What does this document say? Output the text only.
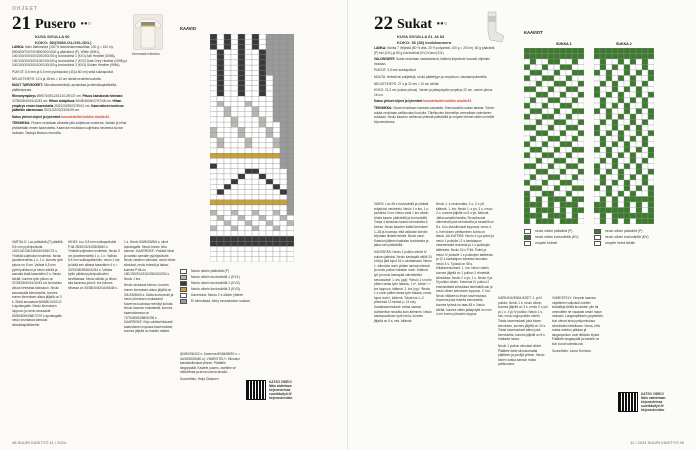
OHJEET
21 Pusero ●●○
KUVA SIVULLA 60
KOKO: 80/(S/M/L/XL/2XL/3XL)
Normaali mitoitus

LANKA: Istex Álafosslopi (100 % islanninlammasvillaa, 100 g = 100 m): 500/600/700/700/800/900/1000 g päävärinä (P), White (0051), 100/100/100/100/200/200/200 g kuviovärinä 1 (KV1) Ash Heather (0056), 100/100/100/100/100/100/100 g kuviovärinä 2 (KV2) Dark Grey Heather (0058) ja 100/100/100/100/100/100/100 g kuviovärinä 3 (KV3) Golden Heather (9964).

PUIKOT: 5,5 mm ja 6,5 mm pyöröpuikot (40 ja 80 cm) sekä sukkapuikot.

NEULETIHEYS: 13 s ja 18 krs = 10 cm sileää neuletta kuviotta.

MUUT TARVIKKEET: Silmukkamerkkejä, apulankaa ja silmukkapidikkeitä, päättelyneula.

Rinnanympärys 89/97/105/113/121/129/137 cm. Pituus kainalosta helmaan 37/38/39/40/41/42/43 cm. Hihan sisäpituus 45/45/46/46/47/47/48 cm. Hihan ympärys ennen kaarrokeita 29/31/33/35/37/39/41 cm. Kaarrokkeen korkeus päätetiin alareunaan 20/21/22/22/23/24/25 cm.

Katso yleiset ohjeet ja lyhenteet korostettuihin kohtiin sivulla 62.

TEKNIIKKA: Pusero neulotaan alhaalta ylös suljettuna neuleena. Vartalo ja hihat yhdistetään ennen kaarroketta. Kaarroke neulotaan suljettuna neuleena kuvion mukaan. Taskuja tilavuus reunoilla.

VARTALO: Luo pääväriä (P) pitkällä 5,5 mm pyöröpuikolla 116/124/136/148/160/168/176 s. Yhdistä suljetuksi neuleeksi. Neulo joustinneuletta 1 o, 1 n, kunnes työn pituus on 5 cm. Vaihda 6,5 mm pyöröpuikkoon ja neulo sileää ja samalla lisää tasavälein 0 s. Neulo sileää, kunnes työn pituus on 37/38/39/40/41/42/43 cm tai haluttu pituus helmasta kainaloon. Neulo seuraavalla kierroksella, kunnes ennen kierroksen alkua jäljellä on 3 s. Siirrä seuraavat 6/6/8/8/10/10/12 s apulangalle. Neulo kierroksen loppuun ja neulo seuraavat 52/56/60/64/68/72/76 s apulangalle, neulo seuraavat silmukat silmukkapidikkeelle.

HIHAT: Luo 5,5 mm sukkapuikoille P:llä 28/30/32/34/36/38/40 s. Yhdistä suljetuksi neuleeksi. Neulo 5 cm joustinneuletta 1 o, 1 n. Vaihda 6,5 mm sukkapuikkoihin, neulo 1 krs ja lisää sen aikana tasavälein 4 s = 32/34/36/38/40/42/44 s. Vaihda kyllin pitkiksi pyöröpuikkoihin tarvittaessa. Neulo sileää, ja hihan alla kavenna joka 8. krs kunnes hihassa on 36/38/40/42/44/46/48 s.

1 s. Neulo 5/5/5/5/5/5/6 s, siirrä apulangalle. Neulo toinen hiha samoin. KAARROKE: Yhdistä hihat ja vartalo samalle pyöröpuikolle. Neulo vartalon silmukat, neulo hihan silmukat, neulo edestä ja takaa, kunnes P:llä on 180/192/204/216/228/240/252 s. Neulo 1 krs.

Neulo seuraava kierros, kunnes ennen kierroksen alkua jäljellä on 3/4/4/5/5/6/6 s. Aloita kuvioneule ja neulo piirroksen mukaisesti. Kavenna kuviossa merkityt kohdat. Neulo kaavion mukaisesti, kunnes kaarrokkeessa on 72/76/80/84/88/92/96 s. KAARROKE: Kirjo vaihtoehtoisesti kaarrokkeen lopussa kavennukset, kunnes jäljellä on haluttu määrä.

(84/90/96/102 s. Kavenna 80/84/88/92 s. = 44/48/52/56/60 s). VIIMEISTELY: Silmukoi kainalosilmukat yhteen. Päättele langanpäät. Kastele pusero, asettele se mittoihinsa ja anna kuivua tasolla.

Suunnittelu: Helja Oksanen

KAAVIO
Neulo oikein pääväriä (P)
Neulo oikein kuviovärillä 1 (KV1)
Neulo oikein kuviovärillä 2 (KV2)
Neulo oikein kuviovärillä 3 (KV3)
Kavennus: Neulo 2 s oikein yhteen
Ei silmukkaa, siirry seuraavaan ruutuun
KATSO VIDEO!
Näin aloitetaan
kirjoneuleissa
suurikäsityö.fi/
kirjoneulevideo
48 SUURI KÄSITYÖ 11 / 2024
22 Sukat ●●○
KUVA SIVUILLA 61 JA 63
KOKO: 36 (38) kenkänumero

LANKA: Novita 7 Veljestä (80 % villa, 20 % polyamidi, 100 g = 200 m): 80 g pääväriä (P) kivi (011) ja 80 g kuviovärinä (KV) Kuusi (311).

VALONVÄRIT: Sukat neulotaan vastavärisinä, käännä kirjoneule luovasti ohjeiden mukaan.

PUIKOT: 3,5 mm sukkapuikot.

MUUTA: Helmiä tai palijettejä, neula päättelyyn ja ompeluun, sisustampulaneilla.

NEULETIHEYS: 27 s ja 31 krs = 10 cm sileää.

KOKO: 21,5 cm (sukan pituus). Varren ja jalkapöydän ympärys 22 cm, varren pituus 16 cm.

Katso yleiset ohjeet ja lyhenteet korostettuihin kohtiin sivulla 62.

TEKNIIKKA: Sukat neulotaan varresta varpaisiin. Kierrosvaihto sukan takana. Toinen sukka neulotaan peilikuvaksi kuviolta. Tähtikuvien kimmellys ommellaan valmiiseen sukkaan. Neulo kaavion vaihtuvat yhteistä pääväriltä ja ompele helmet niiden kohdille kirjoneuleessa.

VARSI: Luo 48 s kuviovärillä ja yhdistä suljetuksi neuleeksi. Neulo 1 o krs, 1 n, joustinta 3 cm. Neulo vielä 1 krs oikein. Aloita kaavio pääväriltä ja kuviovärillä. Toista 4 silmukan kaavio kerroksella 6 kertaa. Neulo kaavion kaikki kerrokset 1–38 ja huomaa, että valkoisin kohdin kirjotaan tiivistä helmiä. Neulo varsi. Kaavion jälkeen katkaise kuviolanka ja jatka vain pääväriltä.

KANTAPÄÄ: Neulo 1 puikko silmät IV puikon jatkoksi. Neulo kantapää näillä 24 s:llä ja jätä loput 24 s odottamaan. Neulo 1. silmukka nurin pisäen lankaa edessä ja neulo puikon takaisin nurin. Käännä työ ja neulo kantapää vahvisteella seuraavasti: 1. krs (oja): *Neulo 1 s nurin pitäen lanka työn takana, 1 o*, toista *–* krs loppuun, käännä. 2. krs (np): *Neulo 1 s nurin pitäen lanka työn takana, neulo loput nurin*, käännä. Toista krs 1–2 yhteensä 12 kertaa (= 24 krs). Kantakavennukset: sellaa samaa suihkevitse neulottu kuin alemmin. Neulo kantapuoliosan sprit krs:la, kunnes jäljellä on 8 s, sek. käännä.

Neulo 1. s neulomatta, 4 o, 2 o ytt, käännä. 1. krs: Neulo 1. s pn, 3 o, neulo 2 o, kunnes jäljellä on 8 s ytt, käännä. Jatka samalla tavalla. Sivuslimukat vähenevät joka kerroksella ja keskellä on 8 s. Kun sivusilmukat loppuvat, neulo 4 s. Kerroksen vaihtuminen kohta on tässä. JALKATERÄ: Neulo 4 s ja poimi ja neulo 1 puikolle 12 s kantalapun vasemmasta reunasta ja 1 s puikkojen taitteesta. Neulo 24 s P:llä. Poimi ja neulo IV puikolle 1 s puikkojen taitteesta ja 12 s kantalapun toisesta reunasta, neulo 4 s. Työssä on 58 s. Kiilakavennukset: 1. krs: Neulo oikein, kunnes jäljellä on 1 puikon 3 viimeistä silmukkaa. Neulo 2 o yh, 1 o. Neulo II ja III puikko oikein. Kavenna IV puikon 2 ensimmäistä silmukkaa tekemällä ssk ja neulo oikein kerroksen loppuun. 2. krs: Neulo välikerros ilman kavennuksia. Kavenna joka toisella kerroksella, kunnes työssä on taas 48 s. Neulo sileää, kunnes sitten jalkapöytä on noin 4 cm ennen pituuden loppua.

KÄRKIKAVENNUKSET: 1. ja III puikko: Neulo 1 s, neulo oikein, kunnes jäljellä on 3 s, neulo 2 o yht ja 1 o. II ja IV puikko: Neulo 1 s, ssk, neulo loppupuikko oikein. Toista kavennukset joka toisen kerroksen, kunnes jäljellä on 24 s. Toista kavennukset sitten joka kerroksella, kunnes jäljellä on 8 s. Katkaise lanka.

Neulo 1 puikon silmukat oikein. Päättele kärki silmukoimalla päätteen ja puolijä yhteen. Neulo toinen sukka samoin mutta peilikuvana.

VIIMEISTELY: Ompele kaavion näyttämiin valkoisiin kohtiin kristalleja tähtiä kuvioiden ylle tai ommottele ne vapaasti oman maun mukaan. Langanpäiksen pyrytetään, kun olenat aina pyrityomistusa silmukkaisi keskikaan. Varoa, että sukka mahtuu jalkaan ja langanpuikon ovat riittävän löysiä. Päättele langanpäät ja kastele ne kun kuvat valmistuvat.

Suunnittelu: Laura Hurmola

KAAVIOT
SUKKA 1	SUKKA 2
neulo oikein pääväriä (P)
neulo oikein kuviovärillä (KV)
ompele helmet
neulo oikein pääväriä (P)
neulo oikein kuviovärillä (KV)
ompele helmi tähtiin
KATSO VIDEO!
Näin vaihdetaan
kirjoneuleissa
suurikäsityö.fi/
kirjoneulevideo
11 / 2024 SUURI KÄSITYÖ 49
